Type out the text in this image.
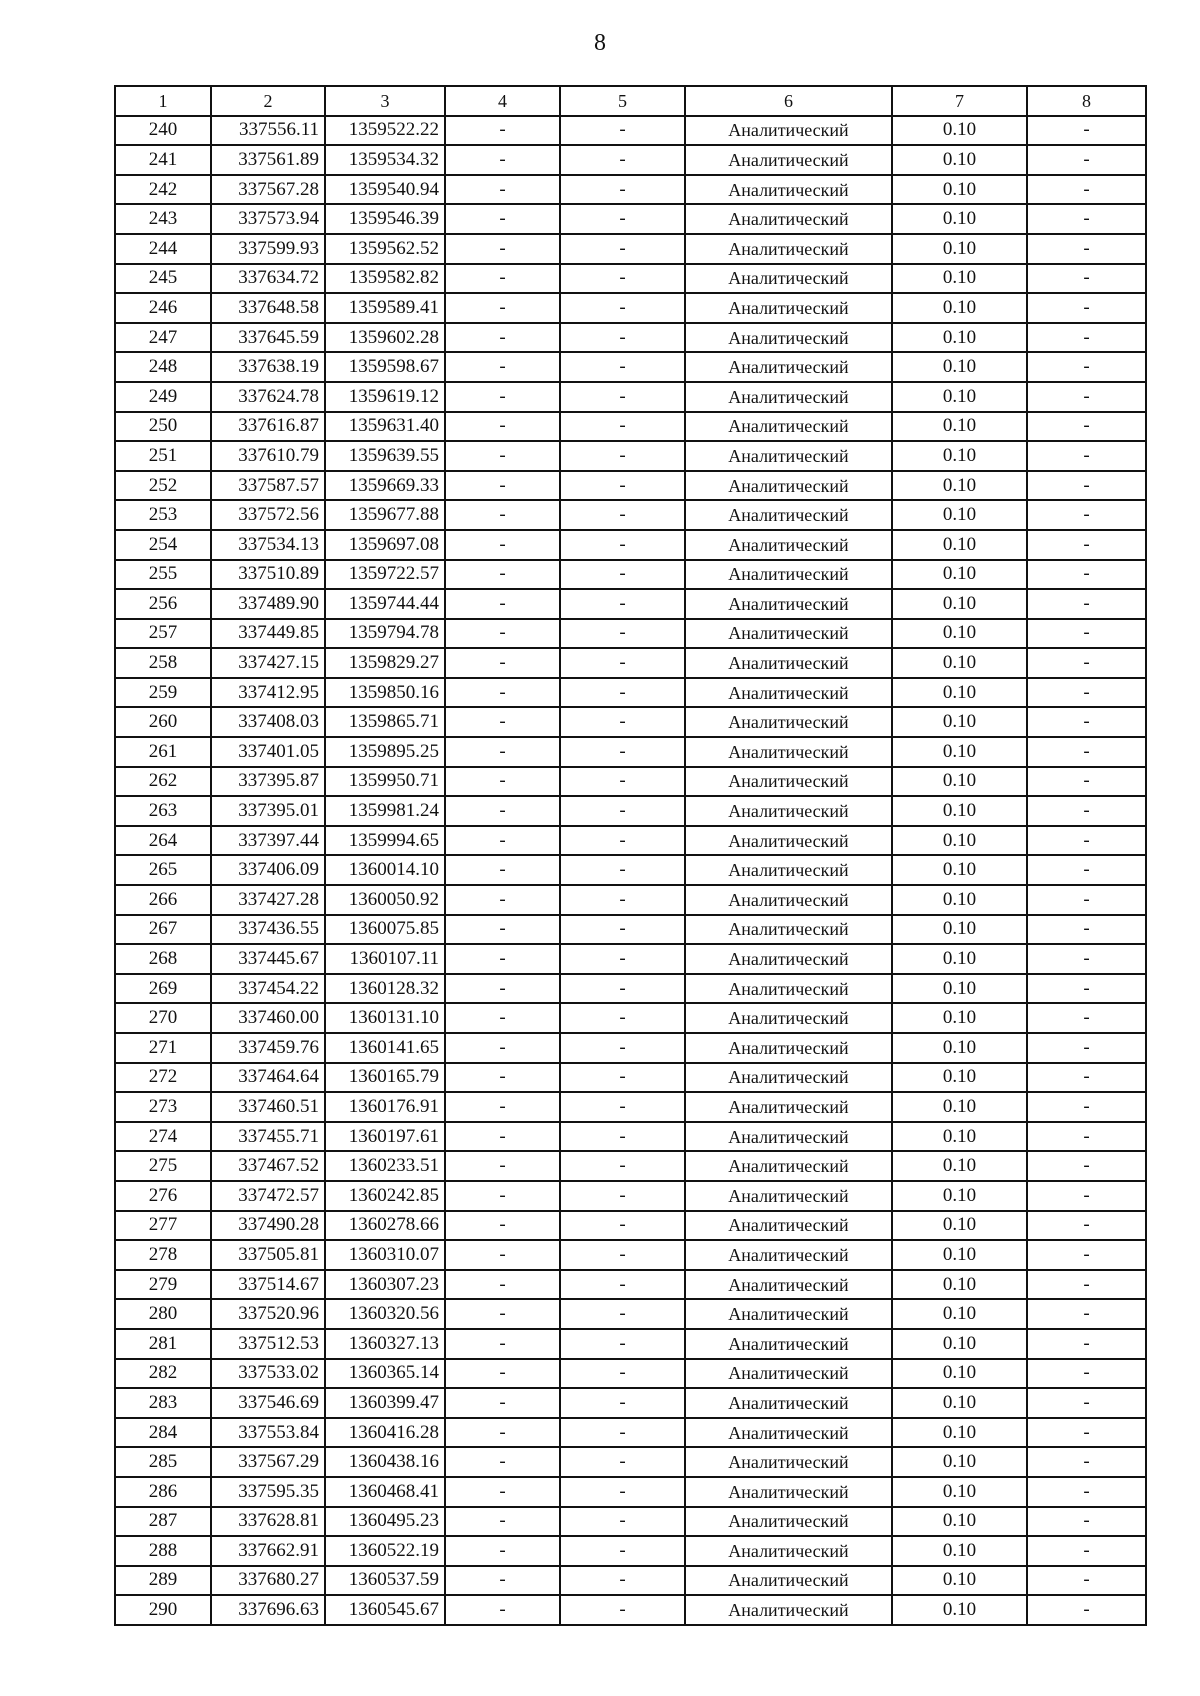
8
1	2	3	4	5	6	7	8
240	337556.11	1359522.22	-	-	Аналитический	0.10	-
241	337561.89	1359534.32	-	-	Аналитический	0.10	-
242	337567.28	1359540.94	-	-	Аналитический	0.10	-
243	337573.94	1359546.39	-	-	Аналитический	0.10	-
244	337599.93	1359562.52	-	-	Аналитический	0.10	-
245	337634.72	1359582.82	-	-	Аналитический	0.10	-
246	337648.58	1359589.41	-	-	Аналитический	0.10	-
247	337645.59	1359602.28	-	-	Аналитический	0.10	-
248	337638.19	1359598.67	-	-	Аналитический	0.10	-
249	337624.78	1359619.12	-	-	Аналитический	0.10	-
250	337616.87	1359631.40	-	-	Аналитический	0.10	-
251	337610.79	1359639.55	-	-	Аналитический	0.10	-
252	337587.57	1359669.33	-	-	Аналитический	0.10	-
253	337572.56	1359677.88	-	-	Аналитический	0.10	-
254	337534.13	1359697.08	-	-	Аналитический	0.10	-
255	337510.89	1359722.57	-	-	Аналитический	0.10	-
256	337489.90	1359744.44	-	-	Аналитический	0.10	-
257	337449.85	1359794.78	-	-	Аналитический	0.10	-
258	337427.15	1359829.27	-	-	Аналитический	0.10	-
259	337412.95	1359850.16	-	-	Аналитический	0.10	-
260	337408.03	1359865.71	-	-	Аналитический	0.10	-
261	337401.05	1359895.25	-	-	Аналитический	0.10	-
262	337395.87	1359950.71	-	-	Аналитический	0.10	-
263	337395.01	1359981.24	-	-	Аналитический	0.10	-
264	337397.44	1359994.65	-	-	Аналитический	0.10	-
265	337406.09	1360014.10	-	-	Аналитический	0.10	-
266	337427.28	1360050.92	-	-	Аналитический	0.10	-
267	337436.55	1360075.85	-	-	Аналитический	0.10	-
268	337445.67	1360107.11	-	-	Аналитический	0.10	-
269	337454.22	1360128.32	-	-	Аналитический	0.10	-
270	337460.00	1360131.10	-	-	Аналитический	0.10	-
271	337459.76	1360141.65	-	-	Аналитический	0.10	-
272	337464.64	1360165.79	-	-	Аналитический	0.10	-
273	337460.51	1360176.91	-	-	Аналитический	0.10	-
274	337455.71	1360197.61	-	-	Аналитический	0.10	-
275	337467.52	1360233.51	-	-	Аналитический	0.10	-
276	337472.57	1360242.85	-	-	Аналитический	0.10	-
277	337490.28	1360278.66	-	-	Аналитический	0.10	-
278	337505.81	1360310.07	-	-	Аналитический	0.10	-
279	337514.67	1360307.23	-	-	Аналитический	0.10	-
280	337520.96	1360320.56	-	-	Аналитический	0.10	-
281	337512.53	1360327.13	-	-	Аналитический	0.10	-
282	337533.02	1360365.14	-	-	Аналитический	0.10	-
283	337546.69	1360399.47	-	-	Аналитический	0.10	-
284	337553.84	1360416.28	-	-	Аналитический	0.10	-
285	337567.29	1360438.16	-	-	Аналитический	0.10	-
286	337595.35	1360468.41	-	-	Аналитический	0.10	-
287	337628.81	1360495.23	-	-	Аналитический	0.10	-
288	337662.91	1360522.19	-	-	Аналитический	0.10	-
289	337680.27	1360537.59	-	-	Аналитический	0.10	-
290	337696.63	1360545.67	-	-	Аналитический	0.10	-
